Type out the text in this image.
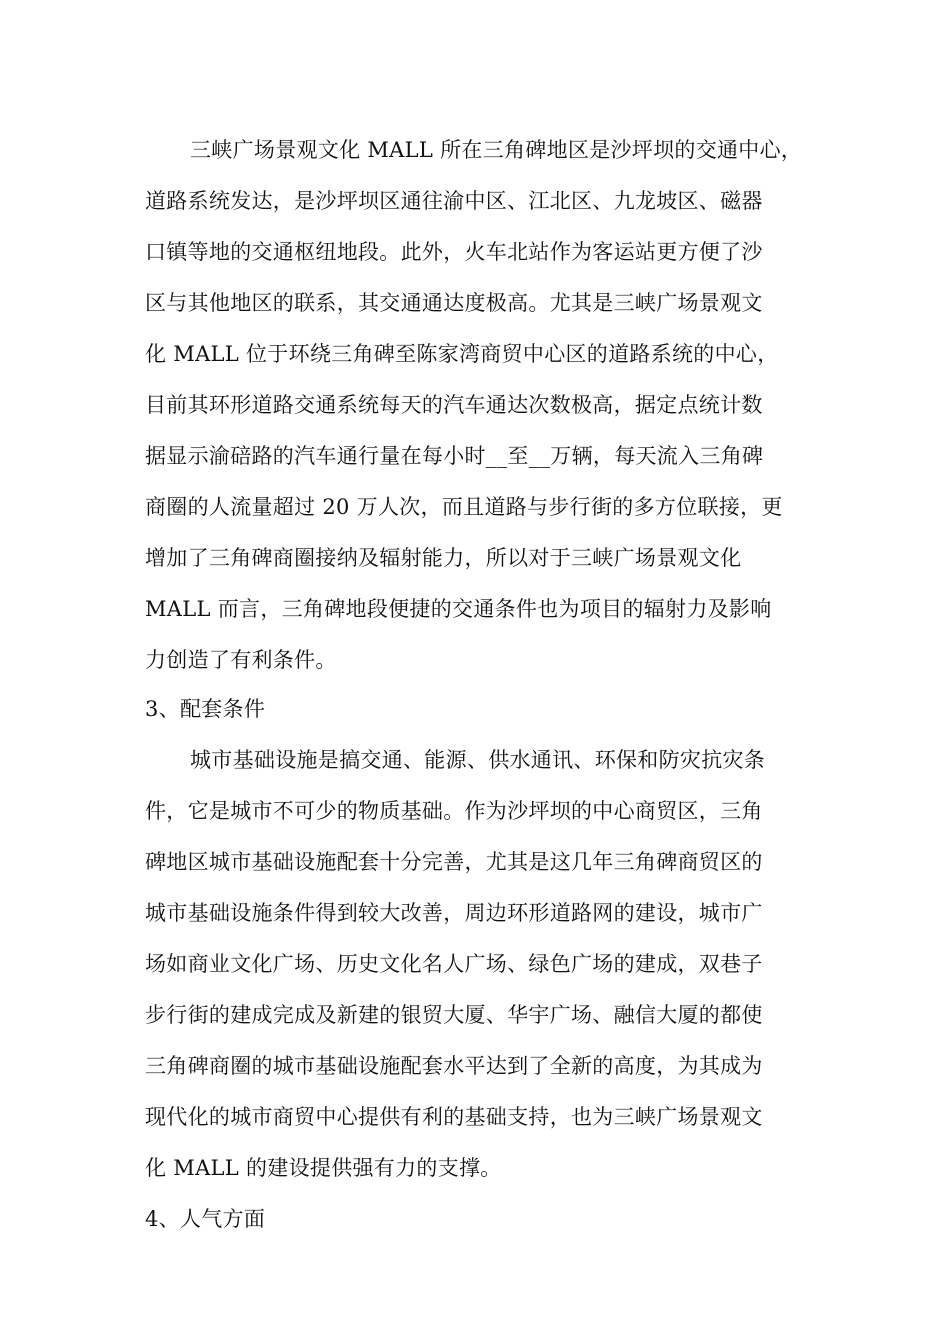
三峡广场景观文化 MALL 所在三角碑地区是沙坪坝的交通中心，
道路系统发达，是沙坪坝区通往渝中区、江北区、九龙坡区、磁器
口镇等地的交通枢纽地段。此外，火车北站作为客运站更方便了沙
区与其他地区的联系，其交通通达度极高。尤其是三峡广场景观文
化 MALL 位于环绕三角碑至陈家湾商贸中心区的道路系统的中心，
目前其环形道路交通系统每天的汽车通达次数极高，据定点统计数
据显示渝碚路的汽车通行量在每小时__至__万辆，每天流入三角碑
商圈的人流量超过 20 万人次，而且道路与步行街的多方位联接，更
增加了三角碑商圈接纳及辐射能力，所以对于三峡广场景观文化
MALL 而言，三角碑地段便捷的交通条件也为项目的辐射力及影响
力创造了有利条件。
3、配套条件
城市基础设施是搞交通、能源、供水通讯、环保和防灾抗灾条
件，它是城市不可少的物质基础。作为沙坪坝的中心商贸区，三角
碑地区城市基础设施配套十分完善，尤其是这几年三角碑商贸区的
城市基础设施条件得到较大改善，周边环形道路网的建设，城市广
场如商业文化广场、历史文化名人广场、绿色广场的建成，双巷子
步行街的建成完成及新建的银贸大厦、华宇广场、融信大厦的都使
三角碑商圈的城市基础设施配套水平达到了全新的高度，为其成为
现代化的城市商贸中心提供有利的基础支持，也为三峡广场景观文
化 MALL 的建设提供强有力的支撑。
4、人气方面
